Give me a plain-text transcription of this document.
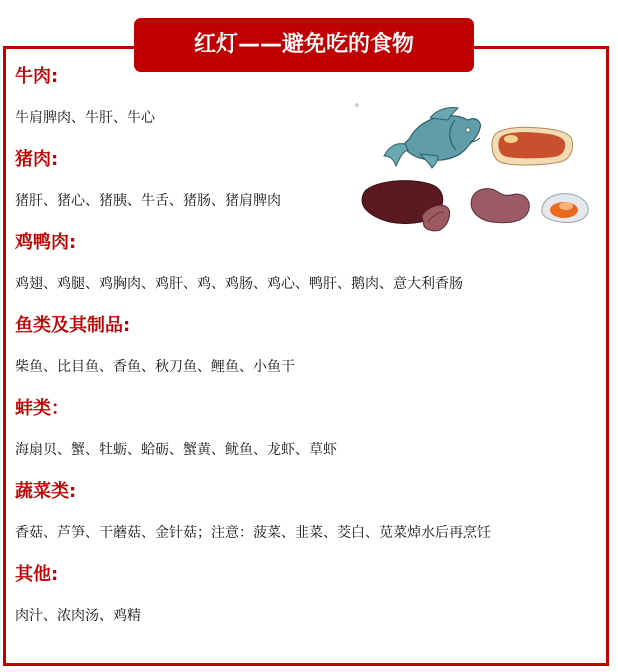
红灯——避免吃的食物
牛肉:
牛肩脾肉、牛肝、牛心
猪肉:
猪肝、猪心、猪胰、牛舌、猪肠、猪肩脾肉
鸡鸭肉:
鸡翅、鸡腿、鸡胸肉、鸡肝、鸡、鸡肠、鸡心、鸭肝、鹅肉、意大利香肠
鱼类及其制品:
柴鱼、比目鱼、香鱼、秋刀鱼、鲤鱼、小鱼干
蚌类：
海扇贝、蟹、牡蛎、蛤砺、蟹黄、鱿鱼、龙虾、草虾
蔬菜类:
香菇、芦笋、干蘑菇、金针菇；注意：菠菜、韭菜、茭白、苋菜焯水后再烹饪
其他:
肉汁、浓肉汤、鸡精
